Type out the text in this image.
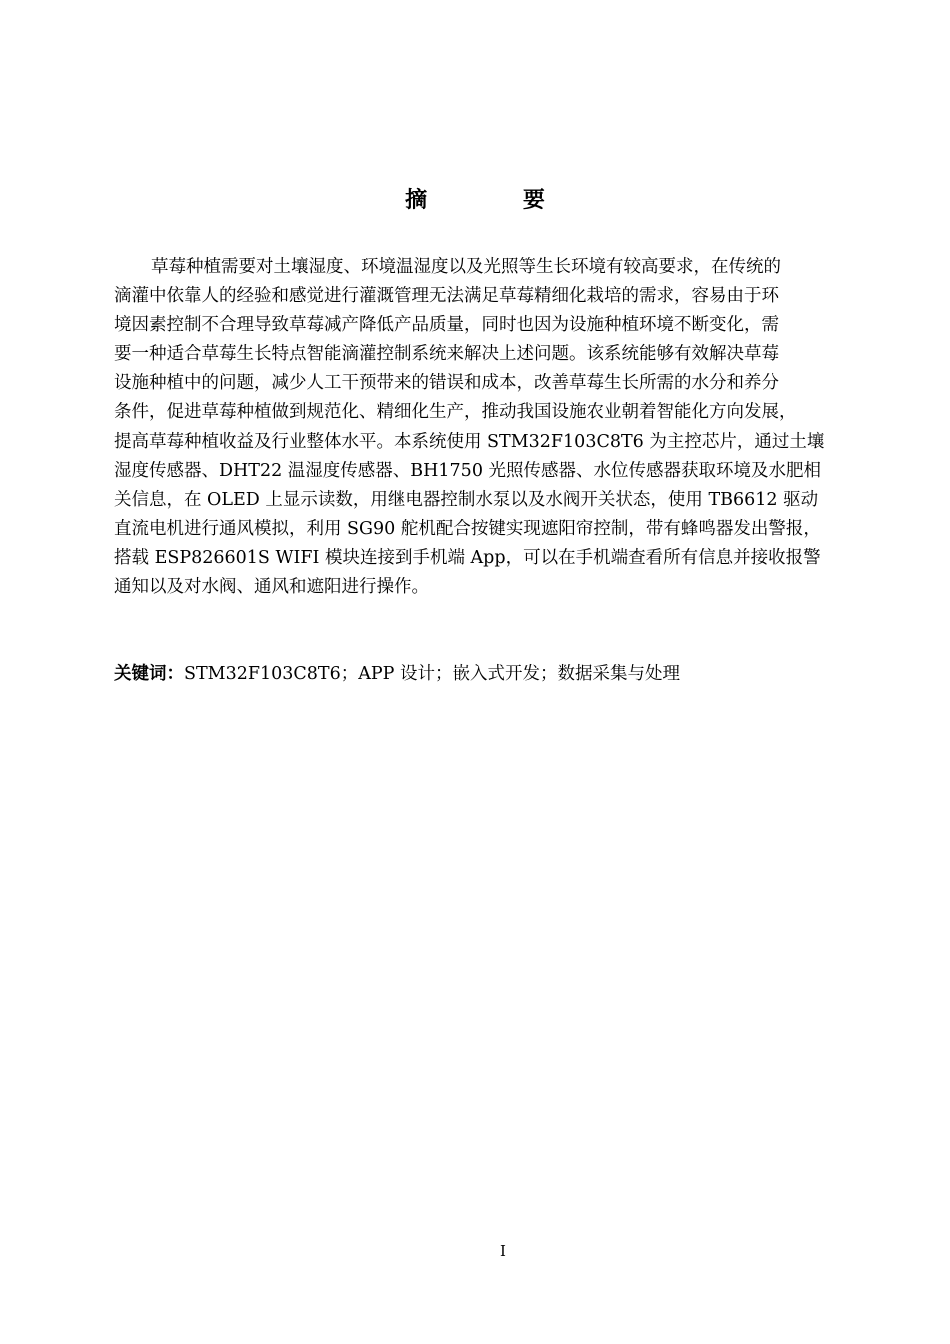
摘 要
草莓种植需要对土壤湿度、环境温湿度以及光照等生长环境有较高要求，在传统的
滴灌中依靠人的经验和感觉进行灌溉管理无法满足草莓精细化栽培的需求，容易由于环
境因素控制不合理导致草莓减产降低产品质量，同时也因为设施种植环境不断变化，需
要一种适合草莓生长特点智能滴灌控制系统来解决上述问题。该系统能够有效解决草莓
设施种植中的问题，减少人工干预带来的错误和成本，改善草莓生长所需的水分和养分
条件，促进草莓种植做到规范化、精细化生产，推动我国设施农业朝着智能化方向发展，
提高草莓种植收益及行业整体水平。本系统使用 STM32F103C8T6 为主控芯片，通过土壤
湿度传感器、DHT22 温湿度传感器、BH1750 光照传感器、水位传感器获取环境及水肥相
关信息，在 OLED 上显示读数，用继电器控制水泵以及水阀开关状态，使用 TB6612 驱动
直流电机进行通风模拟，利用 SG90 舵机配合按键实现遮阳帘控制，带有蜂鸣器发出警报，
搭载 ESP826601S WIFI 模块连接到手机端 App，可以在手机端查看所有信息并接收报警
通知以及对水阀、通风和遮阳进行操作。
关键词：STM32F103C8T6；APP 设计；嵌入式开发；数据采集与处理
I
